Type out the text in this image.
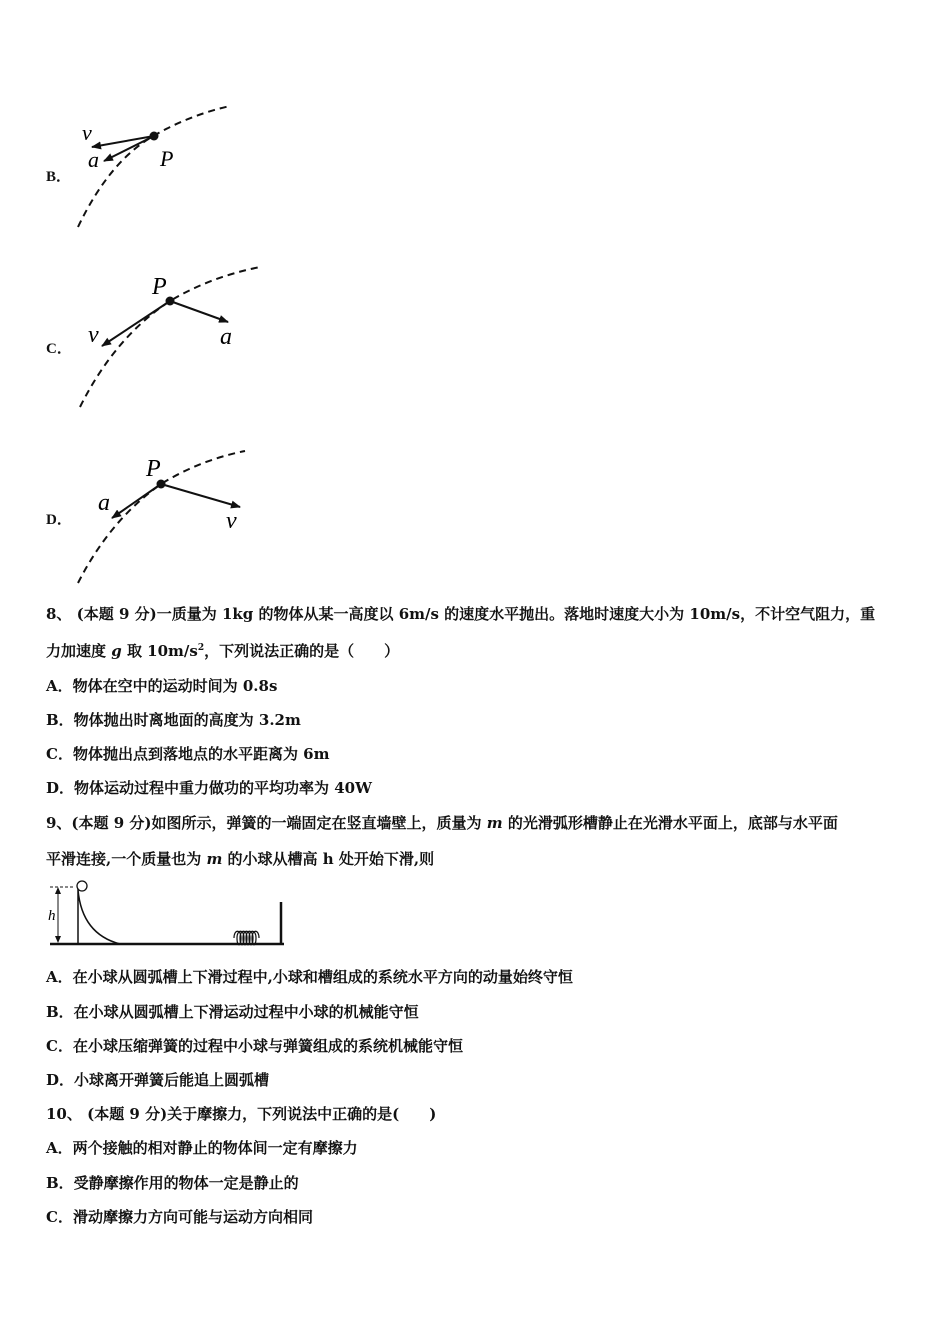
B．
v
a	P
C．
v	a
P
D．	v
a
P
8、 (本题 9 分)一质量为 1kg 的物体从某一高度以 6m/s 的速度水平抛出。落地时速度大小为 10m/s，不计空气阻力，重
力加速度 g 取 $10m/s^2$，下列说法正确的是（　　）
A．物体在空中的运动时间为 0.8s
B．物体抛出时离地面的高度为 3.2m
C．物体抛出点到落地点的水平距离为 6m
D．物体运动过程中重力做功的平均功率为 40W
9、(本题 9 分)如图所示，弹簧的一端固定在竖直墙壁上，质量为 m 的光滑弧形槽静止在光滑水平面上，底部与水平面
平滑连接,一个质量也为 m 的小球从槽高 h 处开始下滑,则
h
A．在小球从圆弧槽上下滑过程中,小球和槽组成的系统水平方向的动量始终守恒
B．在小球从圆弧槽上下滑运动过程中小球的机械能守恒
C．在小球压缩弹簧的过程中小球与弹簧组成的系统机械能守恒
D．小球离开弹簧后能追上圆弧槽
10、 (本题 9 分)关于摩擦力，下列说法中正确的是(　　)
A．两个接触的相对静止的物体间一定有摩擦力
B．受静摩擦作用的物体一定是静止的
C．滑动摩擦力方向可能与运动方向相同
